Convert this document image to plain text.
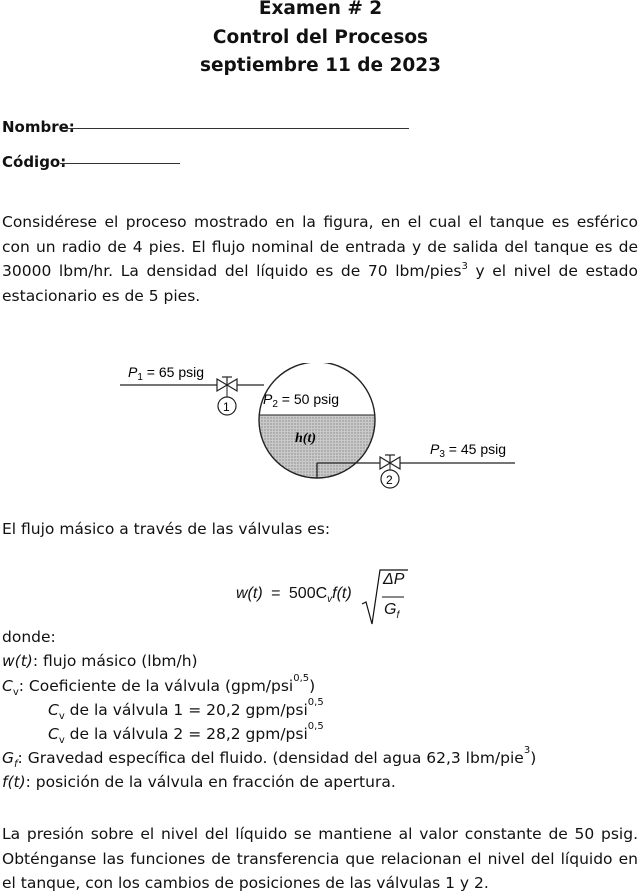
Examen # 2
Control del Procesos
septiembre 11 de 2023
Nombre:
Código:
Considérese el proceso mostrado en la figura, en el cual el tanque es esférico con un radio de 4 pies. El flujo nominal de entrada y de salida del tanque es de 30000 lbm/hr. La densidad del líquido es de 70 lbm/pies$^3$ y el nivel de estado estacionario es de 5 pies.
$P_1 = 65$ psig
$P_2 = 50$ psig
$P_3 = 45$ psig
h(t)
1
2
El flujo másico a través de las válvulas es:
$w(t) = 500C_vf(t)$
ΔP
$G_f$
donde:
w(t): flujo másico (lbm/h)
$C_v$: Coeficiente de la válvula (gpm/psi$^{0,5}$)
$C_v$ de la válvula 1 = 20,2 gpm/psi$^{0,5}$
$C_v$ de la válvula 2 = 28,2 gpm/psi$^{0,5}$
$G_f$: Gravedad específica del fluido. (densidad del agua 62,3 lbm/pie$^3$)
f(t): posición de la válvula en fracción de apertura.
La presión sobre el nivel del líquido se mantiene al valor constante de 50 psig. Obténganse las funciones de transferencia que relacionan el nivel del líquido en el tanque, con los cambios de posiciones de las válvulas 1 y 2.
